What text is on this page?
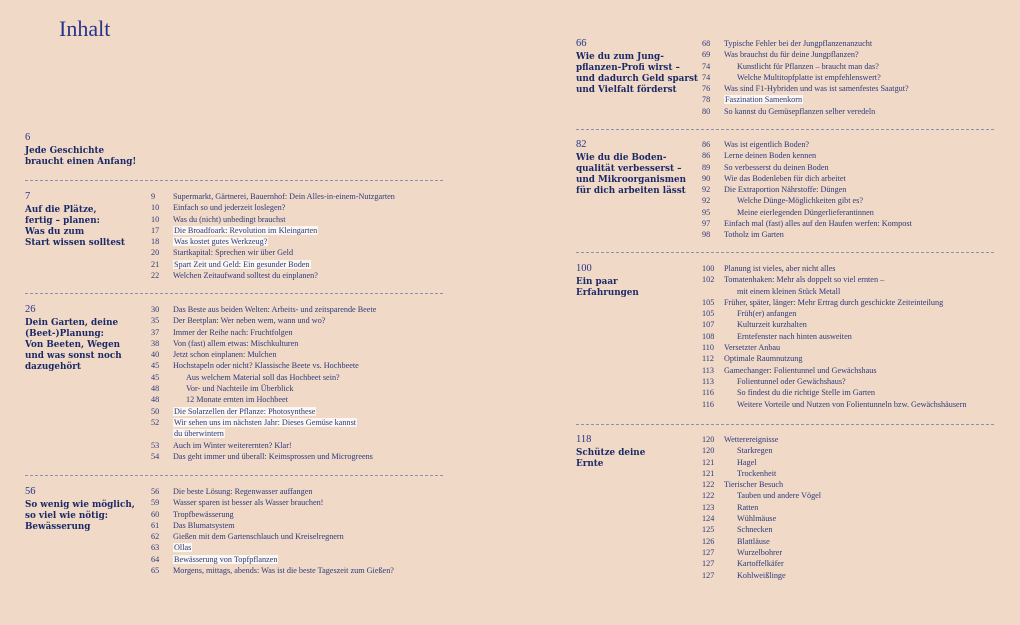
Inhalt
6
Jede Geschichte
braucht einen Anfang!
7
Auf die Plätze,
fertig – planen:
Was du zum
Start wissen solltest
9	Supermarkt, Gärtnerei, Bauernhof: Dein Alles-in-einem-Nutzgarten
10	Einfach so und jederzeit loslegen?
10	Was du (nicht) unbedingt brauchst
17	Die Broadfoark: Revolution im Kleingarten
18	Was kostet gutes Werkzeug?
20	Startkapital: Sprechen wir über Geld
21	Spart Zeit und Geld: Ein gesunder Boden
22	Welchen Zeitaufwand solltest du einplanen?
26
Dein Garten, deine
(Beet-)Planung:
Von Beeten, Wegen
und was sonst noch
dazugehört
30	Das Beste aus beiden Welten: Arbeits- und zeitsparende Beete
35	Der Beetplan: Wer neben wem, wann und wo?
37	Immer der Reihe nach: Fruchtfolgen
38	Von (fast) allem etwas: Mischkulturen
40	Jetzt schon einplanen: Mulchen
45	Hochstapeln oder nicht? Klassische Beete vs. Hochbeete
45	Aus welchem Material soll das Hochbeet sein?
48	Vor- und Nachteile im Überblick
48	12 Monate ernten im Hochbeet
50	Die Solarzellen der Pflanze: Photosynthese
52	Wir sehen uns im nächsten Jahr: Dieses Gemüse kannst
du überwintern
53	Auch im Winter weiterernten? Klar!
54	Das geht immer und überall: Keimsprossen und Microgreens
56
So wenig wie möglich,
so viel wie nötig:
Bewässerung
56	Die beste Lösung: Regenwasser auffangen
59	Wasser sparen ist besser als Wasser brauchen!
60	Tropfbewässerung
61	Das Blumatsystem
62	Gießen mit dem Gartenschlauch und Kreiselregnern
63	Ollas
64	Bewässerung von Topfpflanzen
65	Morgens, mittags, abends: Was ist die beste Tageszeit zum Gießen?
66
Wie du zum Jung-
pflanzen-Profi wirst –
und dadurch Geld sparst
und Vielfalt förderst
68	Typische Fehler bei der Jungpflanzenanzucht
69	Was brauchst du für deine Jungpflanzen?
74	Kunstlicht für Pflanzen – braucht man das?
74	Welche Multitopfplatte ist empfehlenswert?
76	Was sind F1-Hybriden und was ist samenfestes Saatgut?
78	Faszination Samenkorn
80	So kannst du Gemüsepflanzen selber veredeln
82
Wie du die Boden-
qualität verbesserst –
und Mikroorganismen
für dich arbeiten lässt
86	Was ist eigentlich Boden?
86	Lerne deinen Boden kennen
89	So verbesserst du deinen Boden
90	Wie das Bodenleben für dich arbeitet
92	Die Extraportion Nährstoffe: Düngen
92	Welche Dünge-Möglichkeiten gibt es?
95	Meine eierlegenden Düngerlieferantinnen
97	Einfach mal (fast) alles auf den Haufen werfen: Kompost
98	Totholz im Garten
100
Ein paar
Erfahrungen
100	Planung ist vieles, aber nicht alles
102	Tomatenhaken: Mehr als doppelt so viel ernten –
mit einem kleinen Stück Metall
105	Früher, später, länger: Mehr Ertrag durch geschickte Zeiteinteilung
105	Früh(er) anfangen
107	Kulturzeit kurzhalten
108	Erntefenster nach hinten ausweiten
110	Versetzter Anbau
112	Optimale Raumnutzung
113	Gamechanger: Folientunnel und Gewächshaus
113	Folientunnel oder Gewächshaus?
116	So findest du die richtige Stelle im Garten
116	Weitere Vorteile und Nutzen von Folientunneln bzw. Gewächshäusern
118
Schütze deine
Ernte
120	Wetterereignisse
120	Starkregen
121	Hagel
121	Trockenheit
122	Tierischer Besuch
122	Tauben und andere Vögel
123	Ratten
124	Wühlmäuse
125	Schnecken
126	Blattläuse
127	Wurzelbohrer
127	Kartoffelkäfer
127	Kohlweißlinge
